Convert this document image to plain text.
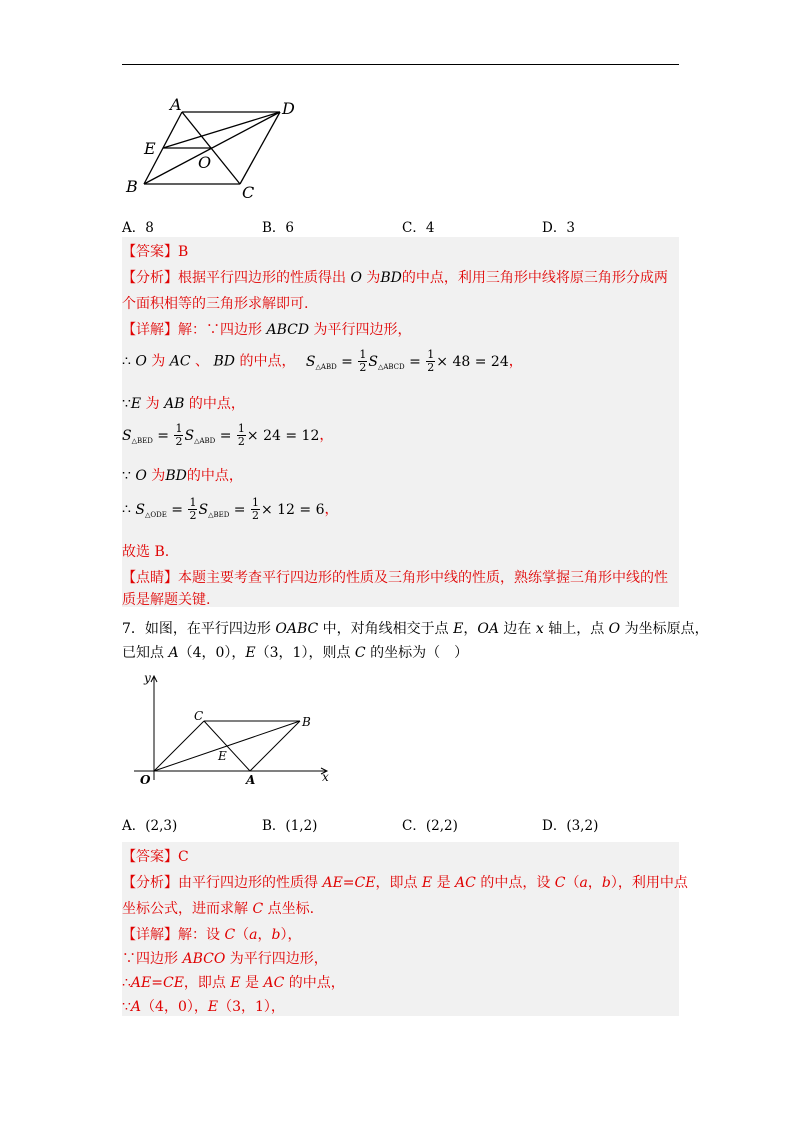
A	D
E
O
B	C
A．8	B．6	C．4	D．3
【答案】B
【分析】根据平行四边形的性质得出 O 为BD的中点，利用三角形中线将原三角形分成两
个面积相等的三角形求解即可.
【详解】解：∵四边形 ABCD 为平行四边形，
∴ O 为 AC 、 BD 的中点， $S_{\triangle ABD} = \frac{1}{2} S_{\triangle ABCD} = \frac{1}{2} \times 48 = 24$，
∵E 为 AB 的中点，
$S_{\triangle BED} = \frac{1}{2} S_{\triangle ABD} = \frac{1}{2} \times 24 = 12$，
∵ O 为BD的中点，
∴ $S_{\triangle ODE} = \frac{1}{2} S_{\triangle BED} = \frac{1}{2} \times 12 = 6$，
故选 B.
【点睛】本题主要考查平行四边形的性质及三角形中线的性质，熟练掌握三角形中线的性
质是解题关键.
7．如图，在平行四边形 OABC 中，对角线相交于点 E，OA 边在 x 轴上，点 O 为坐标原点，
已知点 A（4，0），E（3，1），则点 C 的坐标为（　）
y
x
O	A
B
C
E
A．(2,3)	B．(1,2)	C．(2,2)	D．(3,2)
【答案】C
【分析】由平行四边形的性质得 AE=CE，即点 E 是 AC 的中点，设 C（a，b），利用中点
坐标公式，进而求解 C 点坐标.
【详解】解：设 C（a，b），
∵四边形 ABCO 为平行四边形，
∴AE=CE，即点 E 是 AC 的中点，
∵A（4，0），E（3，1），
